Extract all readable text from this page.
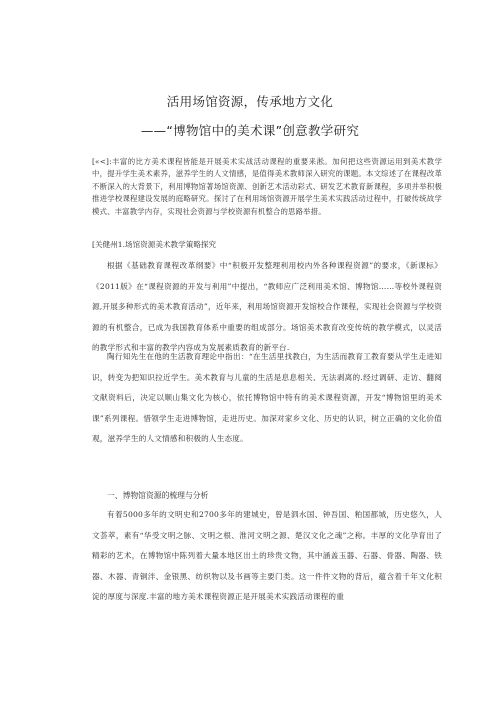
活用场馆资源，传承地方文化
——“博物馆中的美术课”创意教学研究
[«<]:丰富的比方美术课程皆能是开展美术实战活动课程的重要来淞。加何把这些资源运用到美术教学中，提升学生美术素养，滋养学生的人文情感，是值得美术教师深入研究的课题。本文综述了在课程改革不断深入的大背景下，利用博物馆著场馆资源、创新艺术活动彩式、研发艺术教育新课程，多项并举积极推进学校课程建设发展的庭略研究。探讨了在利用场馆资源开展学生美术实践活动过程中，打破传统故学模式、丰富教学内存，实现社会资源与学校资源有机整合的思路举措。
[关健州1.场馆资源美术教学策略探究

根据《基础教育课程改革纲要》中“积极开发整理利用校内外各种课程资源”的要求，《新课标》《2011版》在“课程资源的开发与利用”中提出，“教师应广泛利用美术馆、博物馆……等校外课程资源,开展多种形式的美术教育活动”，近年来，利用场馆资源开发馆校合作课程，实现社会资源与学校资源的有机整合，已成为我国教育体系中重要的组成部分。场馆美术教育改变传统的教学模式，以灵活的教学形式和丰富的教学内容成为发展素质教育的新平台.

陶行知先生在他的生活教育理论中指出：“在生活里找教白，为生活而教育工教育要从学生走进知识，转变为把知识拉近学生。美术教育与儿童的生活是息息相关、无法剥离的.经过调研、走访、翻阅文献资料后，决定以顺山集文化为核心，依托博物馆中特有的美术课程资源，开发“博物馆里的美术课”系列课程。惜领学生走进博物馆，走进历史。加深对家乡文化、历史的认识，树立正确的文化价值观，滋养学生的人文情感和积极的人生态度。

一、博物馆资源的梳理与分析

有着5000多年的文明史和2700多年的建城史，曾是泗水国、钟吾国、粕国都城，历史悠久，人文荟萃，素有“华受文明之脉、文明之根、淮河文明之源、楚汉文化之魂”之称。丰厚的文化孕育出了精彩的艺术，在博物馆中陈列着大量本地区出土的珍贵文物，其中涵盖玉器、石器、骨器、陶器、铁器、木器、青铜泮、金银黑、纺织物以及书画等主要门类。这一件件文物的背后，蕴含着千年文化积淀的厚度与深度.丰富的地方美术课程资源正是开展美术实践活动课程的重
